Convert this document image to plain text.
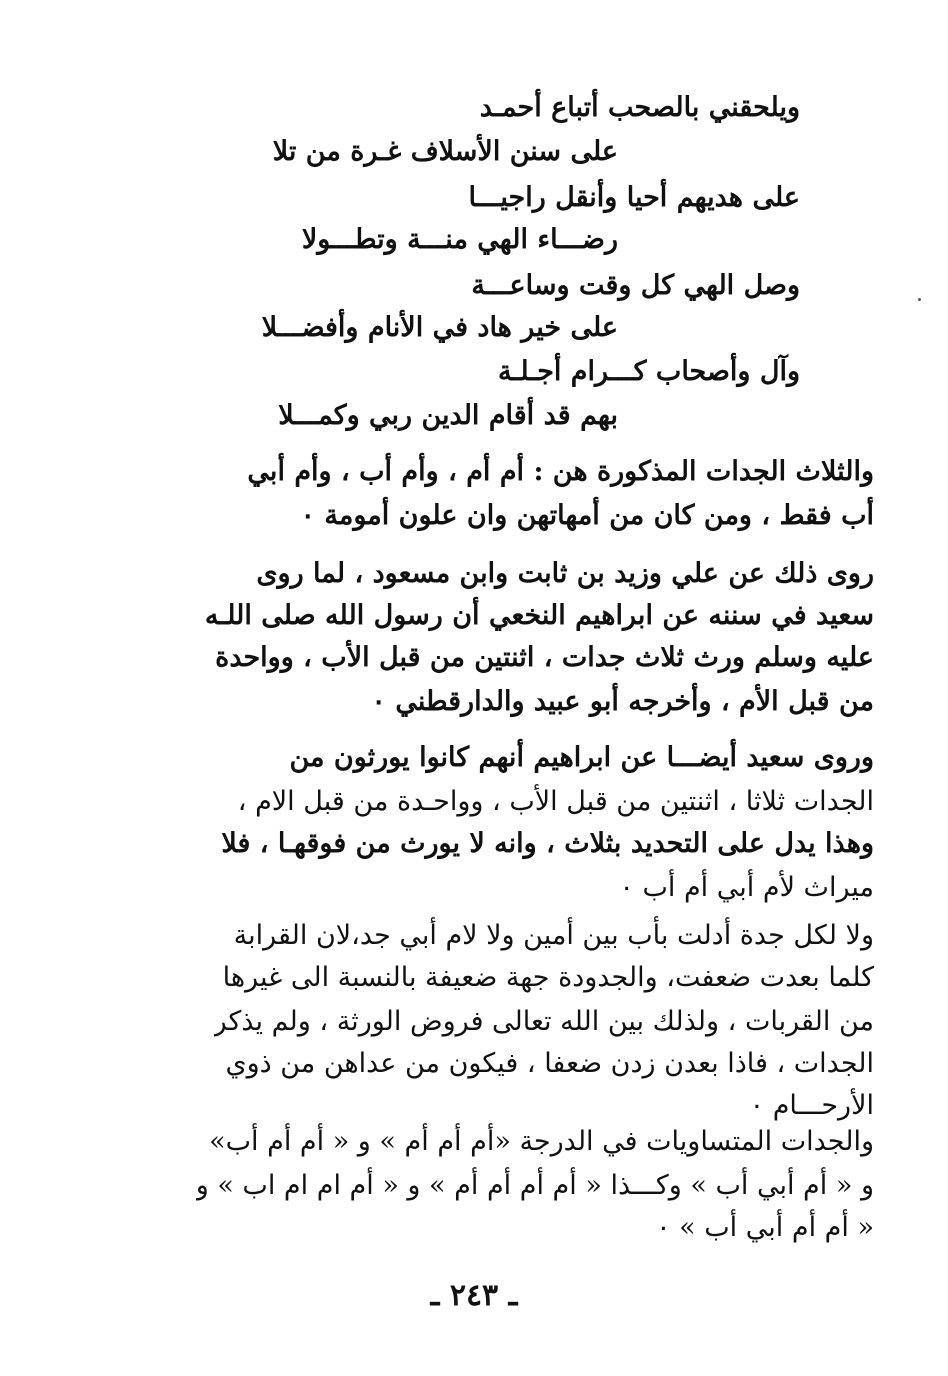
ويلحقني بالصحب أتباع أحمـد
على سنن الأسلاف غـرة من تلا
على هديهم أحيا وأنقل راجيـــا
رضـــاء الهي منـــة وتطـــولا
وصل الهي كل وقت وساعـــة
على خير هاد في الأنام وأفضـــلا
وآل وأصحاب كـــرام أجـلـة
بهم قد أقام الدين ربي وكمـــلا
والثلاث الجدات المذكورة هن : أم أم ، وأم أب ، وأم أبي
أب فقط ، ومن كان من أمهاتهن وان علون أمومة ٠
روى ذلك عن علي وزيد بن ثابت وابن مسعود ، لما روى
سعيد في سننه عن ابراهيم النخعي أن رسول الله صلى اللـه
عليه وسلم ورث ثلاث جدات ، اثنتين من قبل الأب ، وواحدة
من قبل الأم ، وأخرجه أبو عبيد والدارقطني ٠
وروى سعيد أيضـــا عن ابراهيم أنهم كانوا يورثون من
الجدات ثلاثا ، اثنتين من قبل الأب ، وواحـدة من قبل الام ،
وهذا يدل على التحديد بثلاث ، وانه لا يورث من فوقهـا ، فلا
ميراث لأم أبي أم أب ٠
ولا لكل جدة أدلت بأب بين أمين ولا لام أبي جد،لان القرابة
كلما بعدت ضعفت، والجدودة جهة ضعيفة بالنسبة الى غيرها
من القربات ، ولذلك بين الله تعالى فروض الورثة ، ولم يذكر
الجدات ، فاذا بعدن زدن ضعفا ، فيكون من عداهن من ذوي
الأرحـــام ٠
والجدات المتساويات في الدرجة «أم أم أم » و « أم أم أب»
و « أم أبي أب » وكـــذا « أم أم أم أم » و « أم ام ام اب » و
« أم أم أبي أب » ٠
ـ ٢٤٣ ـ
